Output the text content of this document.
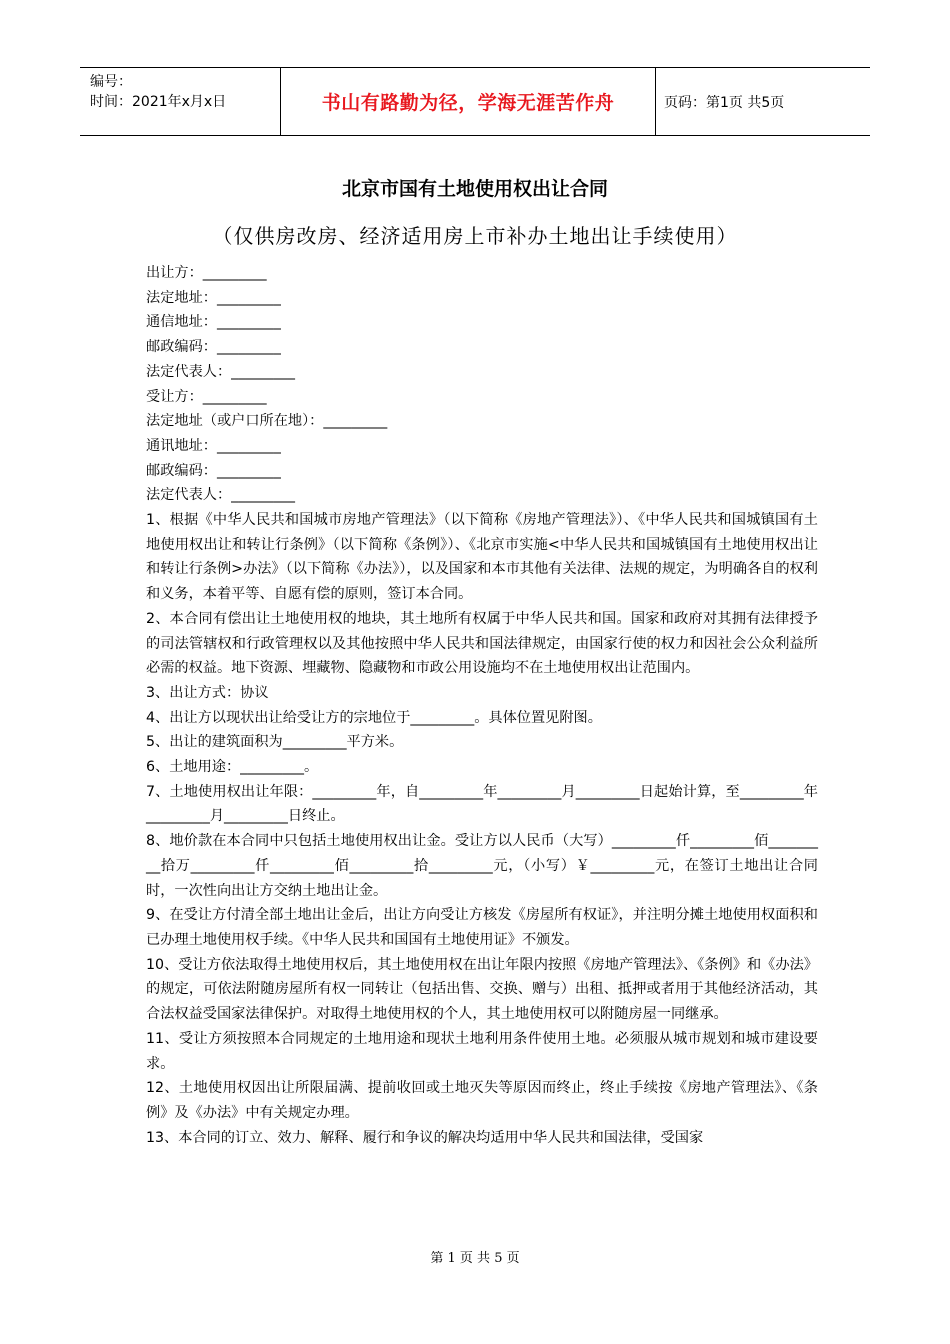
编号：
时间：2021年x月x日	书山有路勤为径，学海无涯苦作舟	页码：第1页 共5页
北京市国有土地使用权出让合同
（仅供房改房、经济适用房上市补办土地出让手续使用）
出让方：_________
法定地址：_________
通信地址：_________
邮政编码：_________
法定代表人：_________
受让方：_________
法定地址（或户口所在地）：_________
通讯地址：_________
邮政编码：_________
法定代表人：_________
1、根据《中华人民共和国城市房地产管理法》（以下简称《房地产管理法》）、《中华人民共和国城镇国有土地使用权出让和转让行条例》（以下简称《条例》）、《北京市实施<中华人民共和国城镇国有土地使用权出让和转让行条例>办法》（以下简称《办法》），以及国家和本市其他有关法律、法规的规定，为明确各自的权利和义务，本着平等、自愿有偿的原则，签订本合同。
2、本合同有偿出让土地使用权的地块，其土地所有权属于中华人民共和国。国家和政府对其拥有法律授予的司法管辖权和行政管理权以及其他按照中华人民共和国法律规定，由国家行使的权力和因社会公众利益所必需的权益。地下资源、埋藏物、隐藏物和市政公用设施均不在土地使用权出让范围内。
3、出让方式：协议
4、出让方以现状出让给受让方的宗地位于_________。具体位置见附图。
5、出让的建筑面积为_________平方米。
6、土地用途：_________。
7、土地使用权出让年限：_________年，自_________年_________月_________日起始计算，至_________年_________月_________日终止。
8、地价款在本合同中只包括土地使用权出让金。受让方以人民币（大写）_________仟_________佰_________拾万_________仟_________佰_________拾_________元，（小写）￥_________元，在签订土地出让合同时，一次性向出让方交纳土地出让金。
9、在受让方付清全部土地出让金后，出让方向受让方核发《房屋所有权证》，并注明分摊土地使用权面积和已办理土地使用权手续。《中华人民共和国国有土地使用证》不颁发。
10、受让方依法取得土地使用权后，其土地使用权在出让年限内按照《房地产管理法》、《条例》和《办法》的规定，可依法附随房屋所有权一同转让（包括出售、交换、赠与）出租、抵押或者用于其他经济活动，其合法权益受国家法律保护。对取得土地使用权的个人，其土地使用权可以附随房屋一同继承。
11、受让方须按照本合同规定的土地用途和现状土地利用条件使用土地。必须服从城市规划和城市建设要求。
12、土地使用权因出让所限届满、提前收回或土地灭失等原因而终止，终止手续按《房地产管理法》、《条例》及《办法》中有关规定办理。
13、本合同的订立、效力、解释、履行和争议的解决均适用中华人民共和国法律，受国家
第 1 页 共 5 页
